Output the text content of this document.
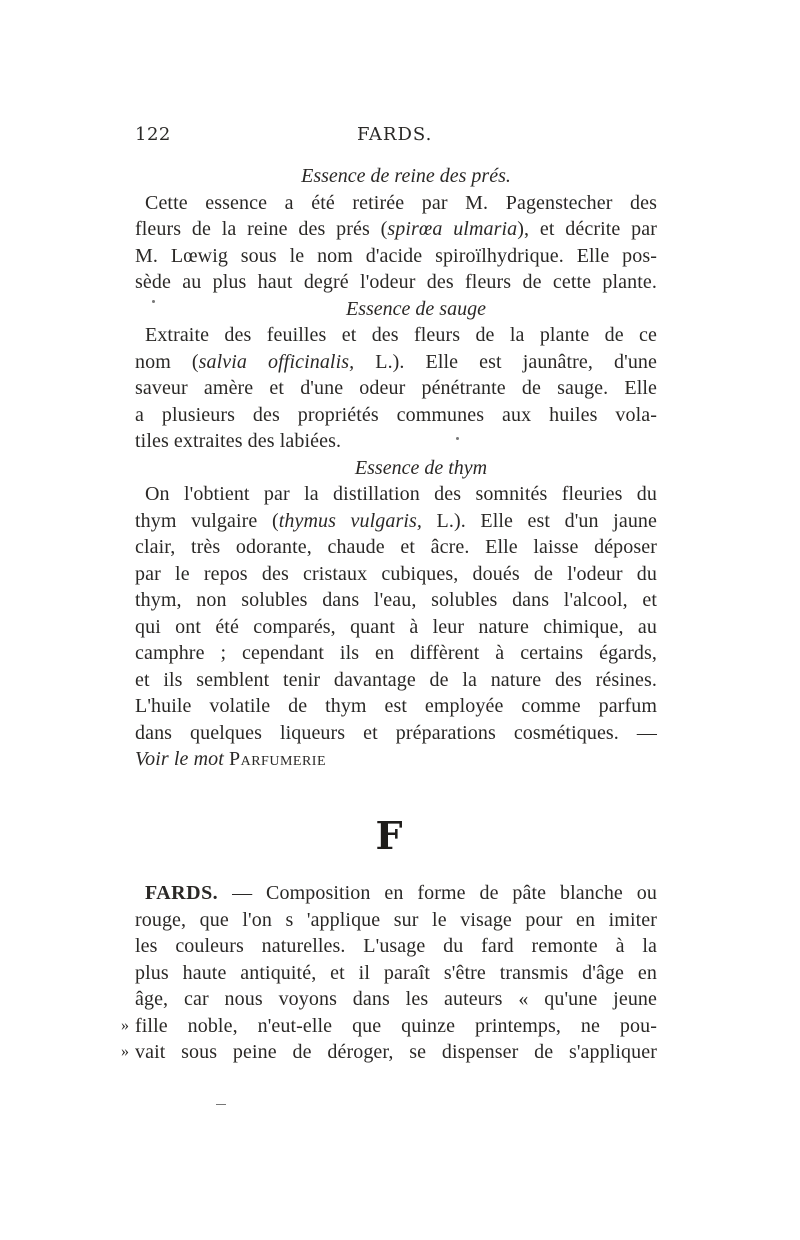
122	FARDS.
Essence de reine des prés.
Cette essence a été retirée par M. Pagenstecher des
fleurs de la reine des prés (spirœa ulmaria), et décrite par
M. Lœwig sous le nom d'acide spiroïlhydrique. Elle pos-
sède au plus haut degré l'odeur des fleurs de cette plante.
Essence de sauge
Extraite des feuilles et des fleurs de la plante de ce
nom (salvia officinalis, L.). Elle est jaunâtre, d'une
saveur amère et d'une odeur pénétrante de sauge. Elle
a plusieurs des propriétés communes aux huiles vola-
tiles extraites des labiées.
Essence de thym
On l'obtient par la distillation des somnités fleuries du
thym vulgaire (thymus vulgaris, L.). Elle est d'un jaune
clair, très odorante, chaude et âcre. Elle laisse déposer
par le repos des cristaux cubiques, doués de l'odeur du
thym, non solubles dans l'eau, solubles dans l'alcool, et
qui ont été comparés, quant à leur nature chimique, au
camphre ; cependant ils en diffèrent à certains égards,
et ils semblent tenir davantage de la nature des résines.
L'huile volatile de thym est employée comme parfum
dans quelques liqueurs et préparations cosmétiques. —
Voir le mot Parfumerie
F
FARDS. — Composition en forme de pâte blanche ou
rouge, que l'on s 'applique sur le visage pour en imiter
les couleurs naturelles. L'usage du fard remonte à la
plus haute antiquité, et il paraît s'être transmis d'âge en
âge, car nous voyons dans les auteurs « qu'une jeune
» fille noble, n'eut-elle que quinze printemps, ne pou-
» vait sous peine de déroger, se dispenser de s'appliquer
